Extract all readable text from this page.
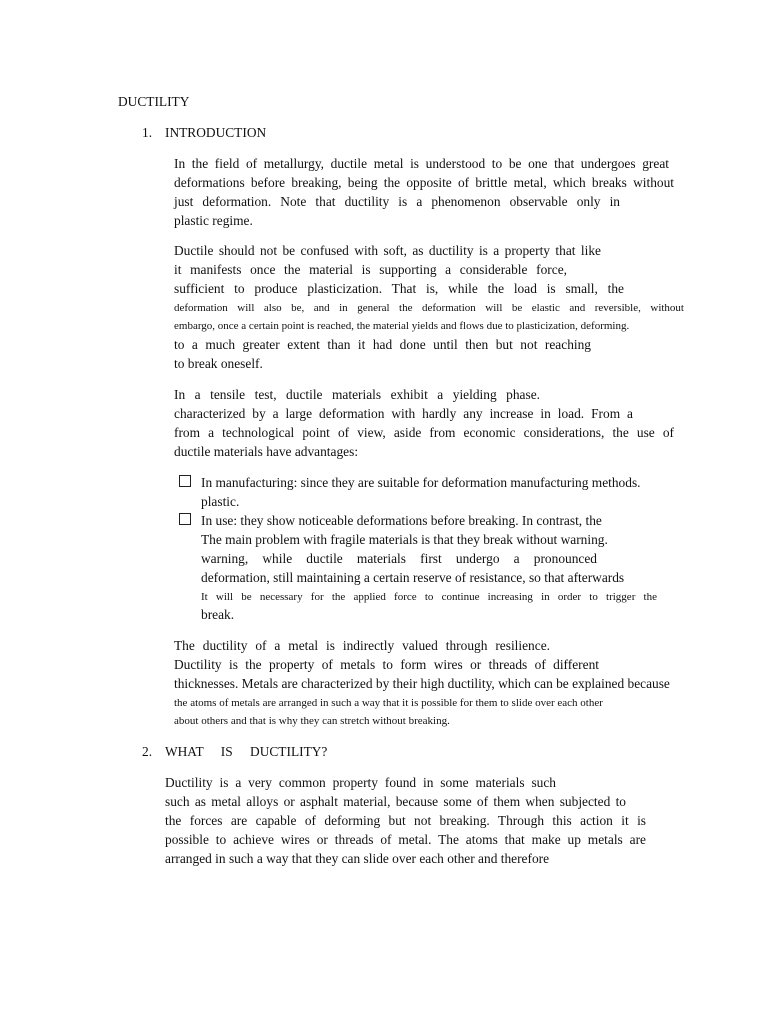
DUCTILITY
1. INTRODUCTION
In the field of metallurgy, ductile metal is understood to be one that undergoes great
deformations before breaking, being the opposite of brittle metal, which breaks without
just deformation. Note that ductility is a phenomenon observable only in
plastic regime.
Ductile should not be confused with soft, as ductility is a property that like
it manifests once the material is supporting a considerable force,
sufficient to produce plasticization. That is, while the load is small, the
deformation will also be, and in general the deformation will be elastic and reversible, without
embargo, once a certain point is reached, the material yields and flows due to plasticization, deforming.
to a much greater extent than it had done until then but not reaching
to break oneself.
In a tensile test, ductile materials exhibit a yielding phase.
characterized by a large deformation with hardly any increase in load. From a
from a technological point of view, aside from economic considerations, the use of
ductile materials have advantages:
In manufacturing: since they are suitable for deformation manufacturing methods.
plastic.
In use: they show noticeable deformations before breaking. In contrast, the
The main problem with fragile materials is that they break without warning.
warning, while ductile materials first undergo a pronounced
deformation, still maintaining a certain reserve of resistance, so that afterwards
It will be necessary for the applied force to continue increasing in order to trigger the
break.
The ductility of a metal is indirectly valued through resilience.
Ductility is the property of metals to form wires or threads of different
thicknesses. Metals are characterized by their high ductility, which can be explained because
the atoms of metals are arranged in such a way that it is possible for them to slide over each other
about others and that is why they can stretch without breaking.
2. WHAT IS DUCTILITY?
Ductility is a very common property found in some materials such
such as metal alloys or asphalt material, because some of them when subjected to
the forces are capable of deforming but not breaking. Through this action it is
possible to achieve wires or threads of metal. The atoms that make up metals are
arranged in such a way that they can slide over each other and therefore
